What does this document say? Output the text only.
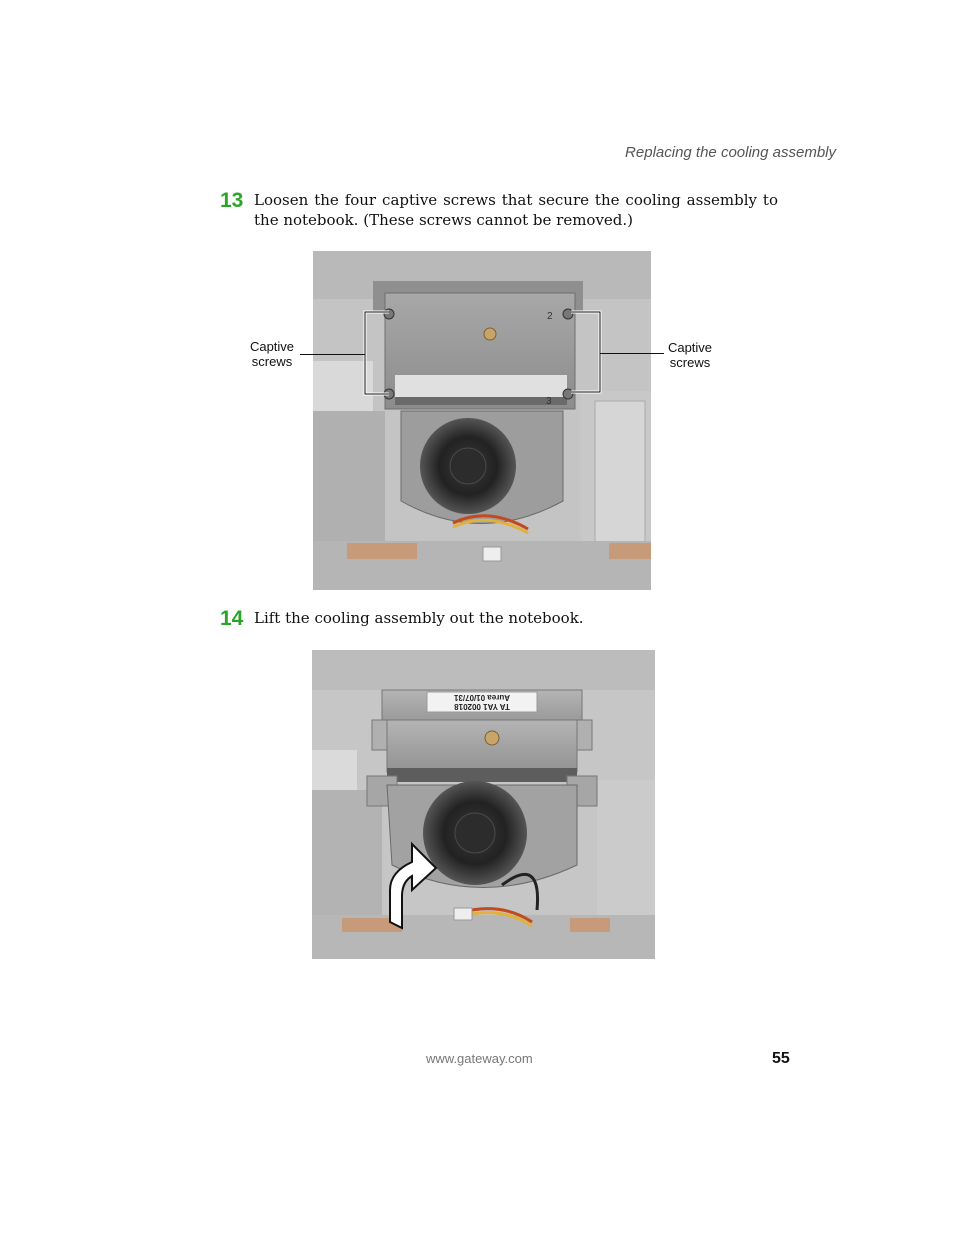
Replacing the cooling assembly
13 Loosen the four captive screws that secure the cooling assembly to the notebook. (These screws cannot be removed.)
2
3
Captive
screws
Captive
screws
14 Lift the cooling assembly out the notebook.
Aurea 01/07/31
TA YA1 002018
www.gateway.com	55
